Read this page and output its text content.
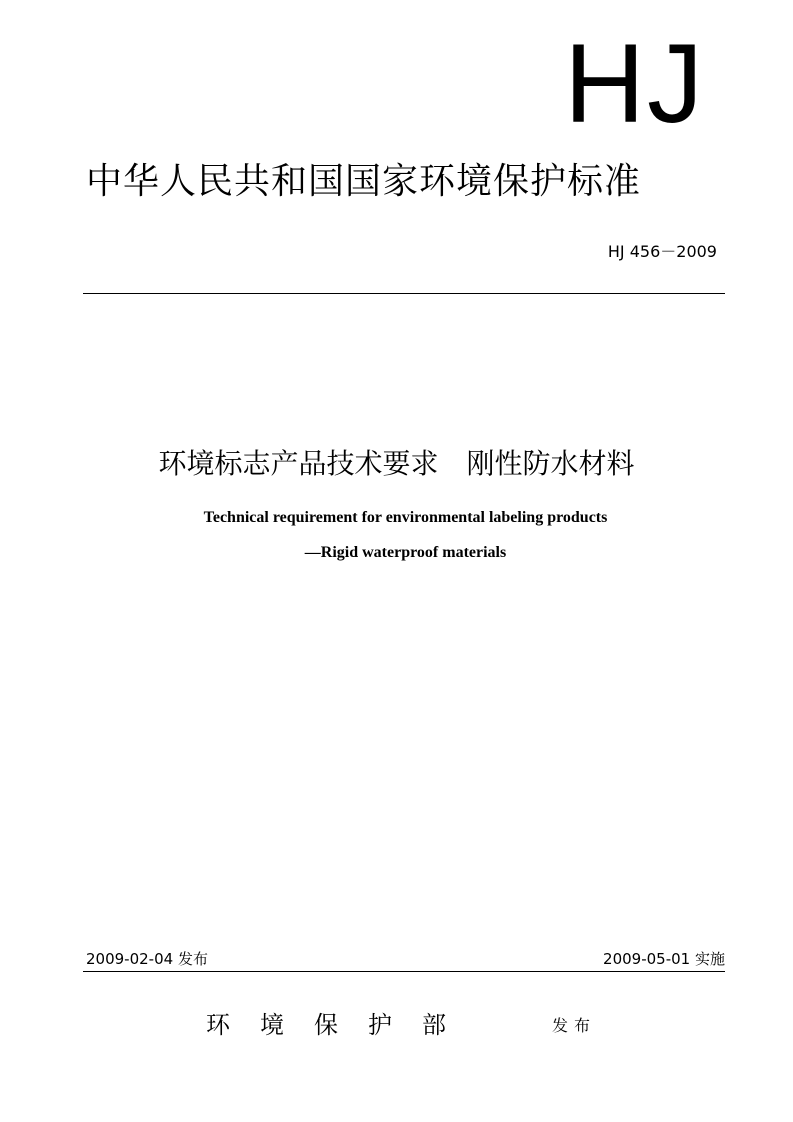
HJ
中华人民共和国国家环境保护标准
HJ 456－2009
环境标志产品技术要求　刚性防水材料
Technical requirement for environmental labeling products
—Rigid waterproof materials
2009-02-04 发布	2009-05-01 实施
环境保护部	发布
